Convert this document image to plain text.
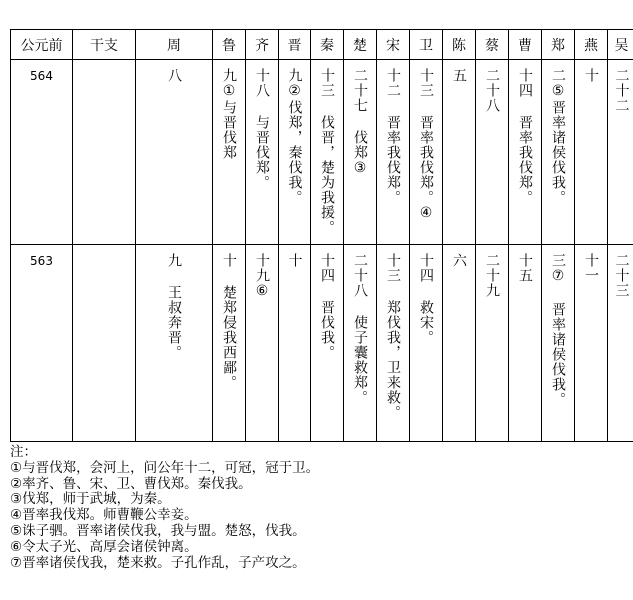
公元前	干支	周	鲁	齐	晋	秦	楚	宋	卫	陈	蔡	曹	郑	燕	吴
564		八	九①与晋伐郑	十八 与晋伐郑。	九②伐郑，秦伐我。	十三 伐晋，楚为我援。	二十七 伐郑③	十二 晋率我伐郑。	十三 晋率我伐郑。④	五	二十八	十四 晋率我伐郑。	二⑤晋率诸侯伐我。	十	二十二

563		九 王叔奔晋。	十 楚郑侵我西鄙。	十九⑥	十	十四 晋伐我。	二十八 使子囊救郑。	十三 郑伐我，卫来救。	十四 救宋。	六	二十九	十五	三⑦ 晋率诸侯伐我。	十一	二十三
注：
①与晋伐郑，会河上，问公年十二，可冠，冠于卫。
②率齐、鲁、宋、卫、曹伐郑。秦伐我。
③伐郑，师于武城，为秦。
④晋率我伐郑。师曹鞭公幸妾。
⑤诛子驷。晋率诸侯伐我，我与盟。楚怒，伐我。
⑥令太子光、高厚会诸侯钟离。
⑦晋率诸侯伐我，楚来救。子孔作乱，子产攻之。
